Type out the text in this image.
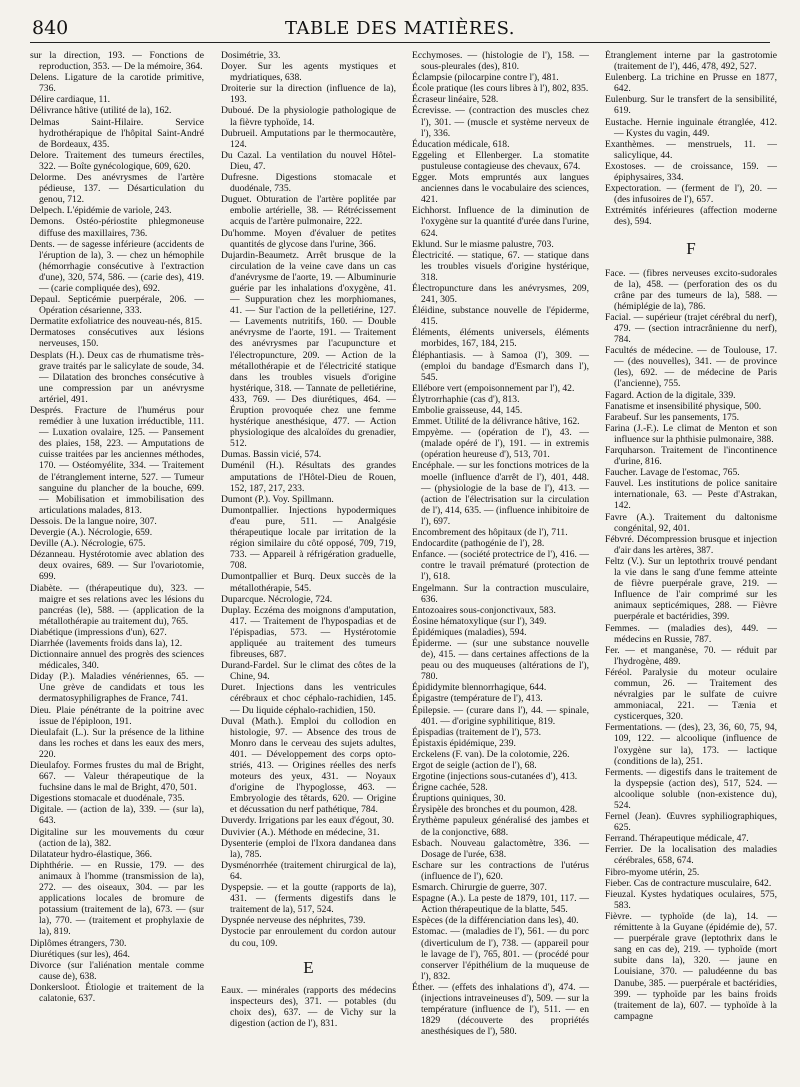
840	TABLE DES MATIÈRES.

sur la direction, 193. — Fonctions de reproduction, 353. — De la mémoire, 364.

Delens. Ligature de la carotide primitive, 736.

Délire cardiaque, 11.

Délivrance hâtive (utilité de la), 162.

Delmas Saint-Hilaire. Service hydrothérapique de l'hôpital Saint-André de Bordeaux, 435.

Delore. Traitement des tumeurs érectiles, 322. — Boîte gynécologique, 609, 620.

Delorme. Des anévrysmes de l'artère pédieuse, 137. — Désarticulation du genou, 712.

Delpech. L'épidémie de variole, 243.

Demons. Ostéo-périostite phlegmoneuse diffuse des maxillaires, 736.

Dents. — de sagesse inférieure (accidents de l'éruption de la), 3. — chez un hémophile (hémorrhagie consécutive à l'extraction d'une), 320, 574, 586. — (carie des), 419. — (carie compliquée des), 692.

Depaul. Septicémie puerpérale, 206. — Opération césarienne, 333.

Dermatite exfoliatrice des nouveau-nés, 815.

Dermatoses consécutives aux lésions nerveuses, 150.

Desplats (H.). Deux cas de rhumatisme très-grave traités par le salicylate de soude, 34. — Dilatation des bronches consécutive à une compression par un anévrysme artériel, 491.

Després. Fracture de l'humérus pour remédier à une luxation irréductible, 111. — Luxation ovalaire, 125. — Pansement des plaies, 158, 223. — Amputations de cuisse traitées par les anciennes méthodes, 170. — Ostéomyélite, 334. — Traitement de l'étranglement interne, 527. — Tumeur sanguine du plancher de la bouche, 699. — Mobilisation et immobilisation des articulations malades, 813.

Dessois. De la langue noire, 307.

Devergie (A.). Nécrologie, 659.

Deville (A.). Nécrologie, 675.

Dézanneau. Hystérotomie avec ablation des deux ovaires, 689. — Sur l'ovariotomie, 699.

Diabète. — (thérapeutique du), 323. — maigre et ses relations avec les lésions du pancréas (le), 588. — (application de la métallothérapie au traitement du), 765.

Diabétique (impressions d'un), 627.

Diarrhée (lavements froids dans la), 12.

Dictionnaire annuel des progrès des sciences médicales, 340.

Diday (P.). Maladies vénériennes, 65. — Une grève de candidats et tous les dermatosyphiligraphes de France, 741.

Dieu. Plaie pénétrante de la poitrine avec issue de l'épiploon, 191.

Dieulafait (L.). Sur la présence de la lithine dans les roches et dans les eaux des mers, 220.

Dieulafoy. Formes frustes du mal de Bright, 667. — Valeur thérapeutique de la fuchsine dans le mal de Bright, 470, 501.

Digestions stomacale et duodénale, 735.

Digitale. — (action de la), 339. — (sur la), 643.

Digitaline sur les mouvements du cœur (action de la), 382.

Dilatateur hydro-élastique, 366.

Diphthérie. — en Russie, 179. — des animaux à l'homme (transmission de la), 272. — des oiseaux, 304. — par les applications locales de bromure de potassium (traitement de la), 673. — (sur la), 770. — (traitement et prophylaxie de la), 819.

Diplômes étrangers, 730.

Diurétiques (sur les), 464.

Divorce (sur l'aliénation mentale comme cause de), 638.

Donkersloot. Étiologie et traitement de la calatonie, 637.

Dosimétrie, 33.

Doyer. Sur les agents mystiques et mydriatiques, 638.

Droiterie sur la direction (influence de la), 193.

Duboué. De la physiologie pathologique de la fièvre typhoïde, 14.

Dubrueil. Amputations par le thermocautère, 124.

Du Cazal. La ventilation du nouvel Hôtel-Dieu, 47.

Dufresne. Digestions stomacale et duodénale, 735.

Duguet. Obturation de l'artère poplitée par embolie artérielle, 38. — Rétrécissement acquis de l'artère pulmonaire, 222.

Du'homme. Moyen d'évaluer de petites quantités de glycose dans l'urine, 366.

Dujardin-Beaumetz. Arrêt brusque de la circulation de la veine cave dans un cas d'anévrysme de l'aorte, 19. — Albuminurie guérie par les inhalations d'oxygène, 41. — Suppuration chez les morphiomanes, 41. — Sur l'action de la pelletiérine, 127. — Lavements nutritifs, 160. — Double anévrysme de l'aorte, 191. — Traitement des anévrysmes par l'acupuncture et l'électropuncture, 209. — Action de la métallothérapie et de l'électricité statique dans les troubles visuels d'origine hystérique, 318. — Tannate de pelletiérine, 433, 769. — Des diurétiques, 464. — Éruption provoquée chez une femme hystérique anesthésique, 477. — Action physiologique des alcaloïdes du grenadier, 512.

Dumas. Bassin vicié, 574.

Duménil (H.). Résultats des grandes amputations de l'Hôtel-Dieu de Rouen, 152, 187, 217, 233.

Dumont (P.). Voy. Spillmann.

Dumontpallier. Injections hypodermiques d'eau pure, 511. — Analgésie thérapeutique locale par irritation de la région similaire du côté opposé, 709, 719, 733. — Appareil à réfrigération graduelle, 708.

Dumontpallier et Burq. Deux succès de la métallothérapie, 545.

Duparcque. Nécrologie, 724.

Duplay. Eczéma des moignons d'amputation, 417. — Traitement de l'hypospadias et de l'épispadias, 573. — Hystérotomie appliquée au traitement des tumeurs fibreuses, 687.

Durand-Fardel. Sur le climat des côtes de la Chine, 94.

Duret. Injections dans les ventricules cérébraux et choc céphalo-rachidien, 145. — Du liquide céphalo-rachidien, 150.

Duval (Math.). Emploi du collodion en histologie, 97. — Absence des trous de Monro dans le cerveau des sujets adultes, 401. — Développement des corps opto-striés, 413. — Origines réelles des nerfs moteurs des yeux, 431. — Noyaux d'origine de l'hypoglosse, 463. — Embryologie des têtards, 620. — Origine et décussation du nerf pathétique, 784.

Duverdy. Irrigations par les eaux d'égout, 30.

Duvivier (A.). Méthode en médecine, 31.

Dysenterie (emploi de l'Ixora dandanea dans la), 785.

Dysménorrhée (traitement chirurgical de la), 64.

Dyspepsie. — et la goutte (rapports de la), 431. — (ferments digestifs dans le traitement de la), 517, 524.

Dyspnée nerveuse des néphrites, 739.

Dystocie par enroulement du cordon autour du cou, 109.

E

Eaux. — minérales (rapports des médecins inspecteurs des), 371. — potables (du choix des), 637. — de Vichy sur la digestion (action de l'), 831.

Ecchymoses. — (histologie de l'), 158. — sous-pleurales (des), 810.

Éclampsie (pilocarpine contre l'), 481.

École pratique (les cours libres à l'), 802, 835.

Écraseur linéaire, 528.

Écrevisse. — (contraction des muscles chez l'), 301. — (muscle et système nerveux de l'), 336.

Éducation médicale, 618.

Eggeling et Ellenberger. La stomatite pustuleuse contagieuse des chevaux, 674.

Egger. Mots empruntés aux langues anciennes dans le vocabulaire des sciences, 421.

Eichhorst. Influence de la diminution de l'oxygène sur la quantité d'urée dans l'urine, 624.

Eklund. Sur le miasme palustre, 703.

Électricité. — statique, 67. — statique dans les troubles visuels d'origine hystérique, 318.

Électropuncture dans les anévrysmes, 209, 241, 305.

Éléidine, substance nouvelle de l'épiderme, 415.

Éléments, éléments universels, éléments morbides, 167, 184, 215.

Éléphantiasis. — à Samoa (l'), 309. — (emploi du bandage d'Esmarch dans l'), 545.

Ellébore vert (empoisonnement par l'), 42.

Élytrorrhaphie (cas d'), 813.

Embolie graisseuse, 44, 145.

Emmet. Utilité de la délivrance hâtive, 162.

Empyème. — (opération de l'), 43. — (malade opéré de l'), 191. — in extremis (opération heureuse d'), 513, 701.

Encéphale. — sur les fonctions motrices de la moelle (influence d'arrêt de l'), 401, 448. — (physiologie de la base de l'), 413. — (action de l'électrisation sur la circulation de l'), 414, 635. — (influence inhibitoire de l'), 697.

Encombrement des hôpitaux (de l'), 711.

Endocardite (pathogénie de l'), 28.

Enfance. — (société protectrice de l'), 416. — contre le travail prématuré (protection de l'), 618.

Engelmann. Sur la contraction musculaire, 636.

Entozoaires sous-conjonctivaux, 583.

Éosine hématoxylique (sur l'), 349.

Épidémiques (maladies), 594.

Épiderme. — (sur une substance nouvelle de), 415. — dans certaines affections de la peau ou des muqueuses (altérations de l'), 780.

Épididymite blennorrhagique, 644.

Épigastre (température de l'), 413.

Épilepsie. — (curare dans l'), 44. — spinale, 401. — d'origine syphilitique, 819.

Épispadias (traitement de l'), 573.

Épistaxis épidémique, 239.

Erckelens (F. van). De la colotomie, 226.

Ergot de seigle (action de l'), 68.

Ergotine (injections sous-cutanées d'), 413.

Érigne cachée, 528.

Éruptions quiniques, 30.

Érysipèle des bronches et du poumon, 428.

Érythème papuleux généralisé des jambes et de la conjonctive, 688.

Esbach. Nouveau galactomètre, 336. — Dosage de l'urée, 638.

Eschare sur les contractions de l'utérus (influence de l'), 620.

Esmarch. Chirurgie de guerre, 307.

Espagne (A.). La peste de 1879, 101, 117. — Action thérapeutique de la blatte, 545.

Espèces (de la différenciation dans les), 40.

Estomac. — (maladies de l'), 561. — du porc (diverticulum de l'), 738. — (appareil pour le lavage de l'), 765, 801. — (procédé pour conserver l'épithélium de la muqueuse de l'), 832.

Éther. — (effets des inhalations d'), 474. — (injections intraveineuses d'), 509. — sur la température (influence de l'), 511. — en 1829 (découverte des propriétés anesthésiques de l'), 580.

Étranglement interne par la gastrotomie (traitement de l'), 446, 478, 492, 527.

Eulenberg. La trichine en Prusse en 1877, 642.

Eulenburg. Sur le transfert de la sensibilité, 619.

Eustache. Hernie inguinale étranglée, 412. — Kystes du vagin, 449.

Exanthèmes. — menstruels, 11. — salicylique, 44.

Exostoses. — de croissance, 159. — épiphysaires, 334.

Expectoration. — (ferment de l'), 20. — (des infusoires de l'), 657.

Extrémités inférieures (affection moderne des), 594.

F

Face. — (fibres nerveuses excito-sudorales de la), 458. — (perforation des os du crâne par des tumeurs de la), 588. — (hémiplégie de la), 786.

Facial. — supérieur (trajet cérébral du nerf), 479. — (section intracrânienne du nerf), 784.

Facultés de médecine. — de Toulouse, 17. — (des nouvelles), 341. — de province (les), 692. — de médecine de Paris (l'ancienne), 755.

Fagard. Action de la digitale, 339.

Fanatisme et insensibilité physique, 500.

Farabeuf. Sur les pansements, 175.

Farina (J.-F.). Le climat de Menton et son influence sur la phthisie pulmonaire, 388.

Farquharson. Traitement de l'incontinence d'urine, 816.

Faucher. Lavage de l'estomac, 765.

Fauvel. Les institutions de police sanitaire internationale, 63. — Peste d'Astrakan, 142.

Favre (A.). Traitement du daltonisme congénital, 92, 401.

Fébvré. Décompression brusque et injection d'air dans les artères, 387.

Feltz (V.). Sur un leptothrix trouvé pendant la vie dans le sang d'une femme atteinte de fièvre puerpérale grave, 219. — Influence de l'air comprimé sur les animaux septicémiques, 288. — Fièvre puerpérale et bactéridies, 399.

Femmes. — (maladies des), 449. — médecins en Russie, 787.

Fer. — et manganèse, 70. — réduit par l'hydrogène, 489.

Féréol. Paralysie du moteur oculaire commun, 26. — Traitement des névralgies par le sulfate de cuivre ammoniacal, 221. — Tænia et cysticerques, 320.

Fermentations. — (des), 23, 36, 60, 75, 94, 109, 122. — alcoolique (influence de l'oxygène sur la), 173. — lactique (conditions de la), 251.

Ferments. — digestifs dans le traitement de la dyspepsie (action des), 517, 524. — alcoolique soluble (non-existence du), 524.

Fernel (Jean). Œuvres syphiliographiques, 625.

Ferrand. Thérapeutique médicale, 47.

Ferrier. De la localisation des maladies cérébrales, 658, 674.

Fibro-myome utérin, 25.

Fieber. Cas de contracture musculaire, 642.

Fieuzal. Kystes hydatiques oculaires, 575, 583.

Fièvre. — typhoïde (de la), 14. — rémittente à la Guyane (épidémie de), 57. — puerpérale grave (leptothrix dans le sang en cas de), 219. — typhoïde (mort subite dans la), 320. — jaune en Louisiane, 370. — paludéenne du bas Danube, 385. — puerpérale et bactéridies, 399. — typhoïde par les bains froids (traitement de la), 607. — typhoïde à la campagne
